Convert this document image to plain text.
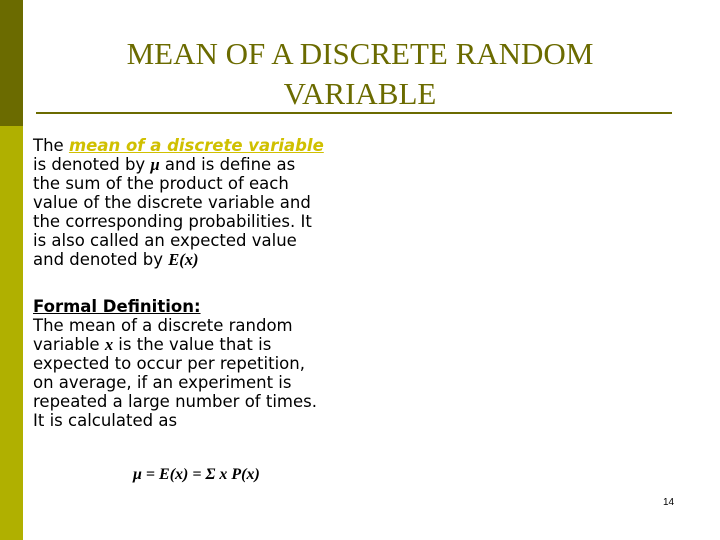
MEAN OF A DISCRETE RANDOM
VARIABLE
The mean of a discrete variable
is denoted by μ and is define as
the sum of the product of each
value of the discrete variable and
the corresponding probabilities. It
is also called an expected value
and denoted by E(x)
Formal Definition:
The mean of a discrete random
variable x is the value that is
expected to occur per repetition,
on average, if an experiment is
repeated a large number of times.
It is calculated as
μ = E(x) = Σ x P(x)
14
